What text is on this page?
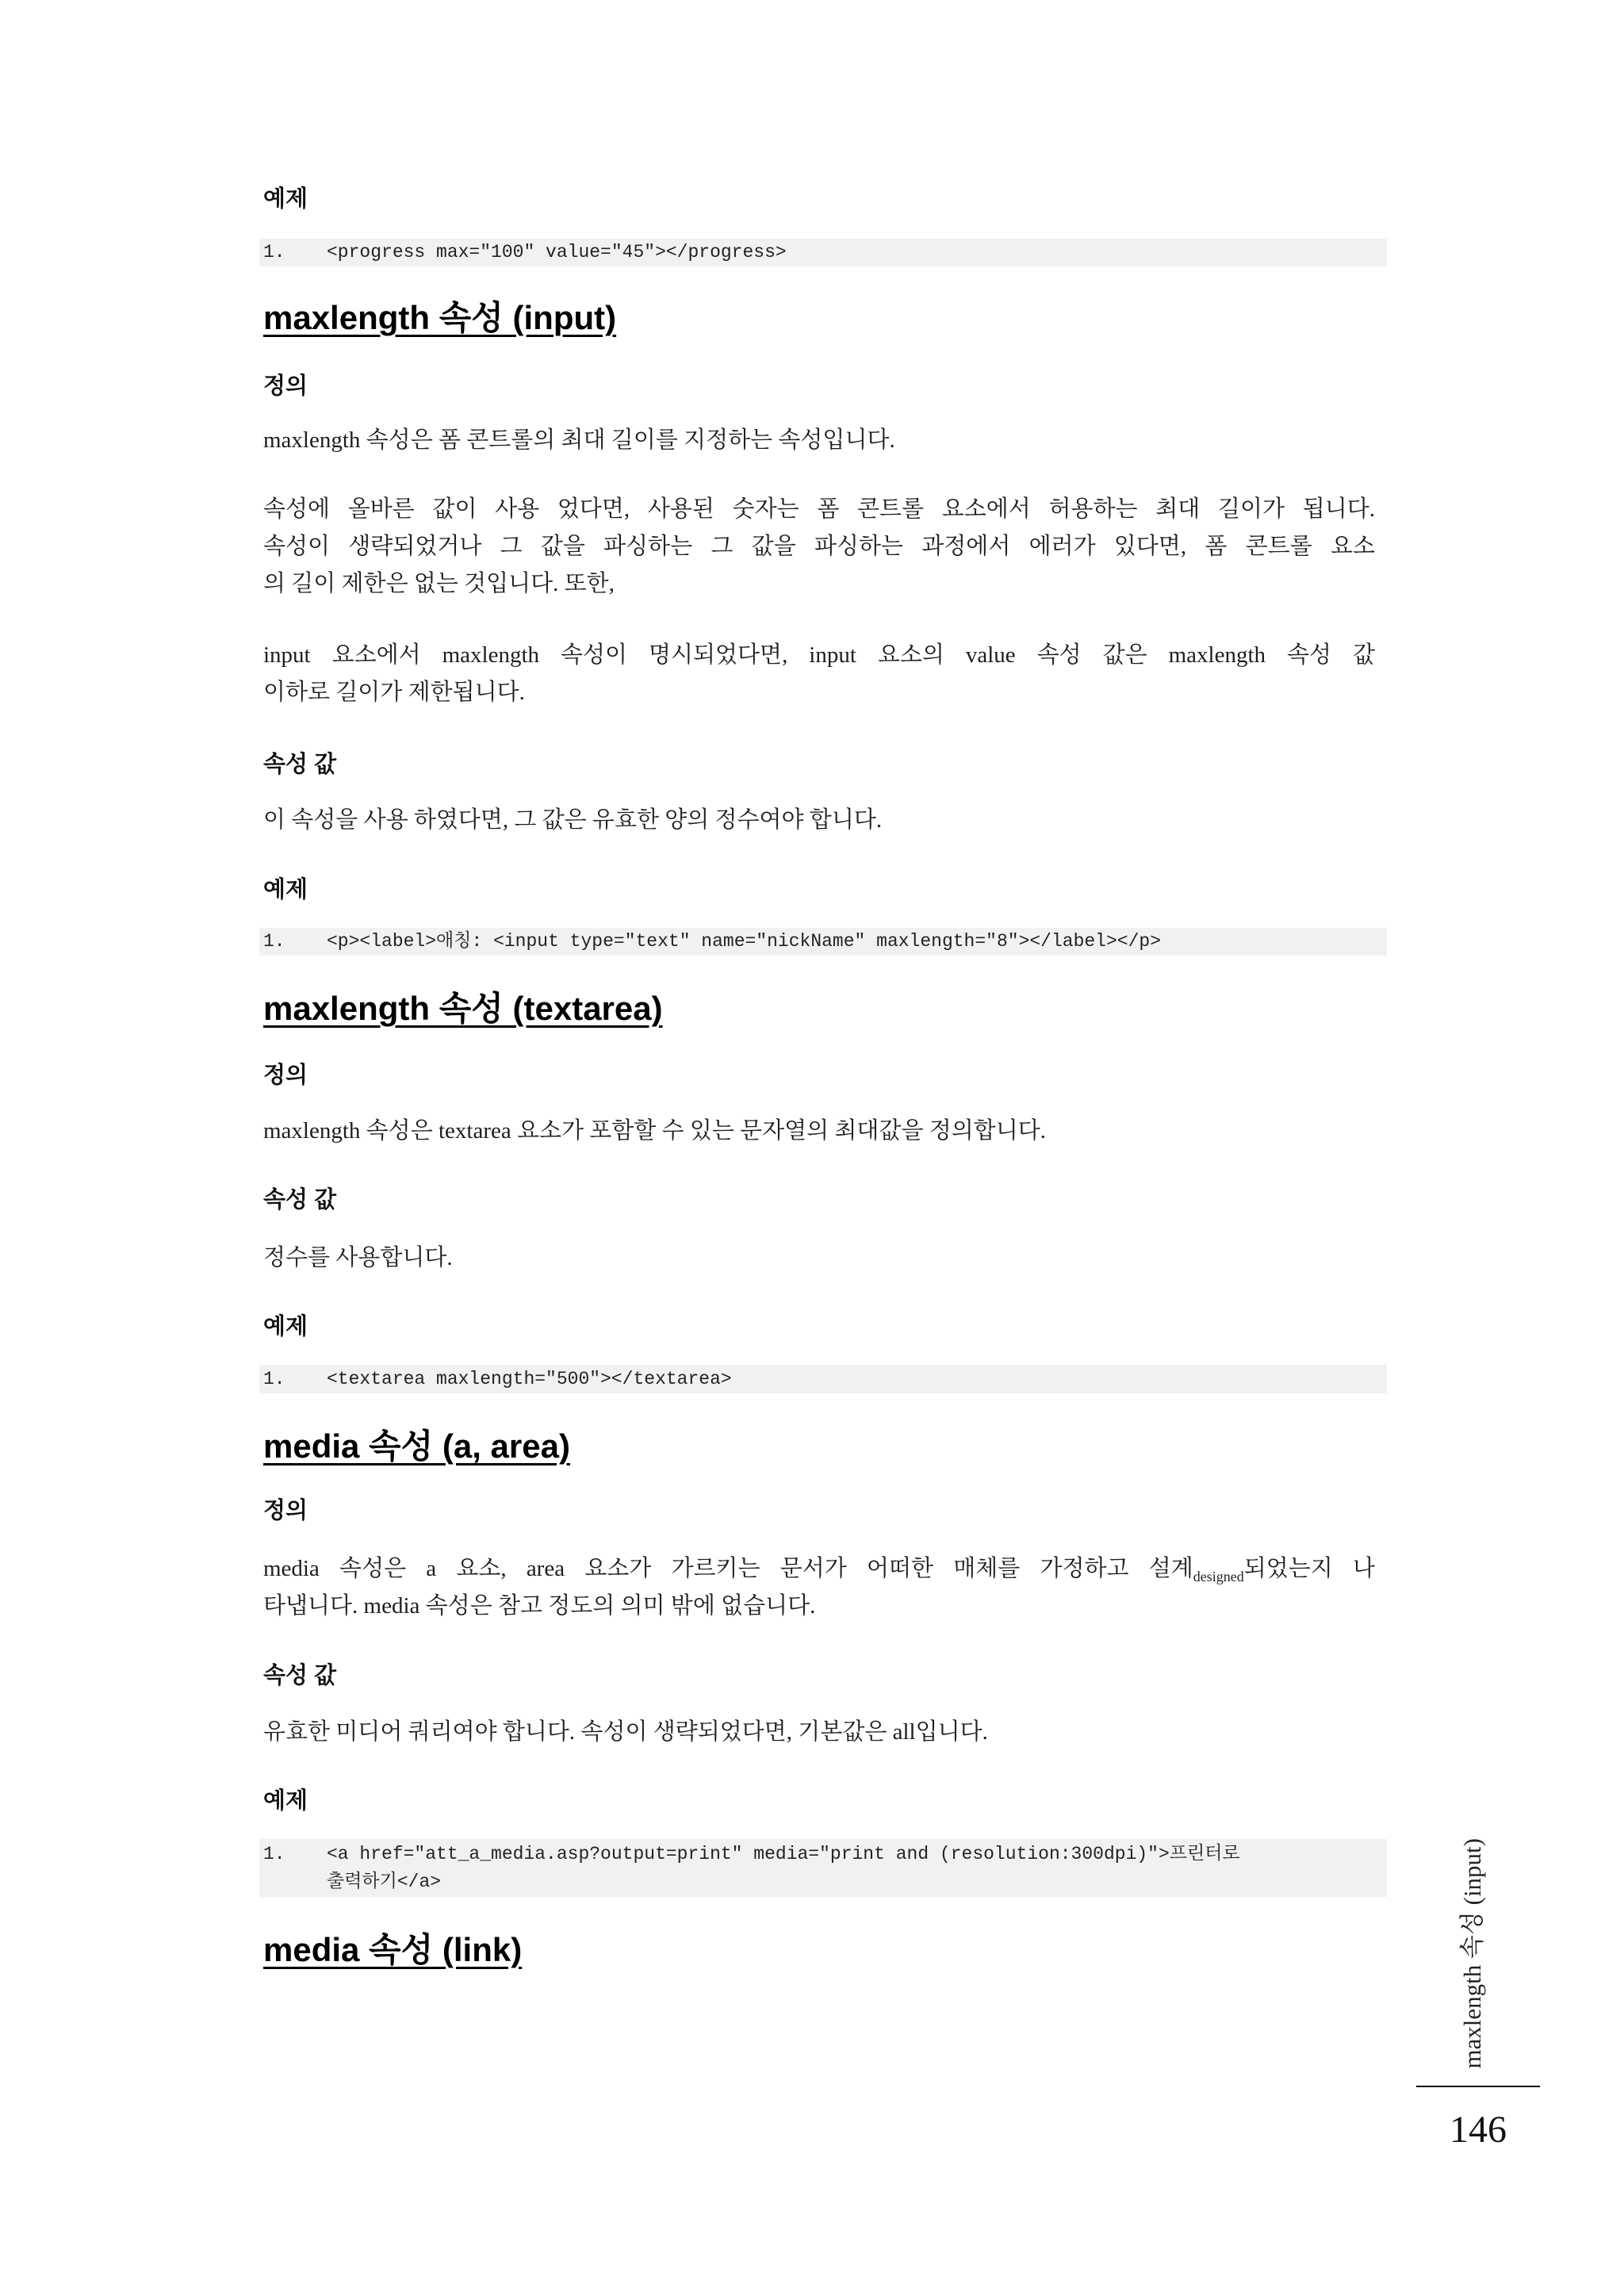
예제
1. <progress max="100" value="45"></progress>
maxlength 속성 (input)
정의
maxlength 속성은 폼 콘트롤의 최대 길이를 지정하는 속성입니다.
속성에 올바른 값이 사용 었다면, 사용된 숫자는 폼 콘트롤 요소에서 허용하는 최대 길이가 됩니다.
속성이 생략되었거나 그 값을 파싱하는 그 값을 파싱하는 과정에서 에러가 있다면, 폼 콘트롤 요소
의 길이 제한은 없는 것입니다. 또한,
input 요소에서 maxlength 속성이 명시되었다면, input 요소의 value 속성 값은 maxlength 속성 값
이하로 길이가 제한됩니다.
속성 값
이 속성을 사용 하였다면, 그 값은 유효한 양의 정수여야 합니다.
예제
1. <p><label>애칭: <input type="text" name="nickName" maxlength="8"></label></p>
maxlength 속성 (textarea)
정의
maxlength 속성은 textarea 요소가 포함할 수 있는 문자열의 최대값을 정의합니다.
속성 값
정수를 사용합니다.
예제
1. <textarea maxlength="500"></textarea>
media 속성 (a, area)
정의
media 속성은 a 요소, area 요소가 가르키는 문서가 어떠한 매체를 가정하고 설계$_{designed}$되었는지 나
타냅니다. media 속성은 참고 정도의 의미 밖에 없습니다.
속성 값
유효한 미디어 쿼리여야 합니다. 속성이 생략되었다면, 기본값은 all입니다.
예제
1. <a href="att_a_media.asp?output=print" media="print and (resolution:300dpi)">프린터로
출력하기</a>
media 속성 (link)	maxlength 속성 (input)
146
